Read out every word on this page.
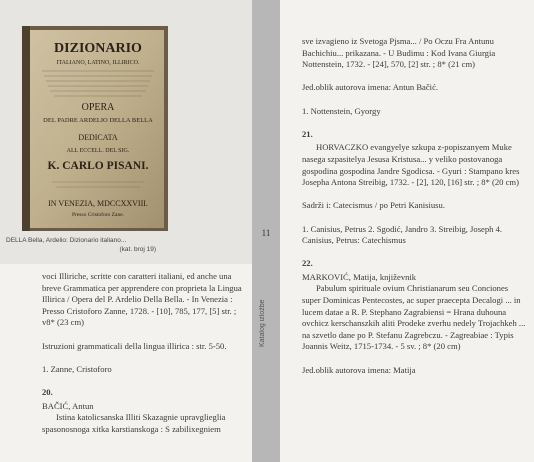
DIZIONARIO
ITALIANO, LATINO, ILLIRICO.
OPERA
DEL PADRE ARDELIO DELLA BELLA
DEDICATA
ALL ECCELL. DEL SIG.
K. CARLO PISANI.
IN VENEZIA, MDCCXXVIII.
Presso Cristoforo Zane.
DELLA Bella, Ardelio: Dizionario italiano...
(kat. broj 19)

voci Illiriche, scritte con caratteri italiani, ed anche una breve Grammatica per apprendere con proprieta la Lingua Illirica / Opera del P. Ardelio Della Bella. - In Venezia : Presso Cristoforo Zanne, 1728. - [10], 785, 177, [5] str. ; v8* (23 cm)

Istruzioni grammaticali della lingua illirica : str. 5-50.

1. Zanne, Cristoforo

20.

BAČIĆ, Antun

Istina katolicsanska Illiti Skazagnie upravglieglia spasonosnoga xitka karstianskoga : S zabilixegniem

11
Katalog izložbe

sve izvagieno iz Svetoga Pjsma... / Po Oczu Fra Antunu Bachichiu... prikazana. - U Budimu : Kod Ivana Giurgia Nottenstein, 1732. - [24], 570, [2] str. ; 8* (21 cm)

Jed.oblik autorova imena: Antun Bačić.

1. Nottenstein, Gyorgy

21.

HORVACZKO evangyelye szkupa z-popiszanyem Muke nasega szpasitelya Jesusa Kristusa... y veliko postovanoga gospodina gospodina Jandre Sgodicsa. - Gyuri : Stampano kres Josepha Antona Streibig, 1732. - [2], 120, [16] str. ; 8* (20 cm)

Sadrži i: Catecismus / po Petri Kanisiusu.

1. Canisius, Petrus 2. Sgodić, Jandro 3. Streibig, Joseph 4. Canisius, Petrus: Catechismus

22.

MARKOVIĆ, Matija, književnik

Pabulum spirituale ovium Christianarum seu Conciones super Dominicas Pentecostes, ac super praecepta Decalogi ... in lucem datae a R. P. Stephano Zagrabiensi = Hrana duhouna ovchicz kerschanszkih aliti Prodeke zverhu nedely Trojachkeh ... na szvetlo dane po P. Stefanu Zagrebczu. - Zagreabiae : Typis Joannis Weitz, 1715-1734. - 5 sv. ; 8* (20 cm)

Jed.oblik autorova imena: Matija
